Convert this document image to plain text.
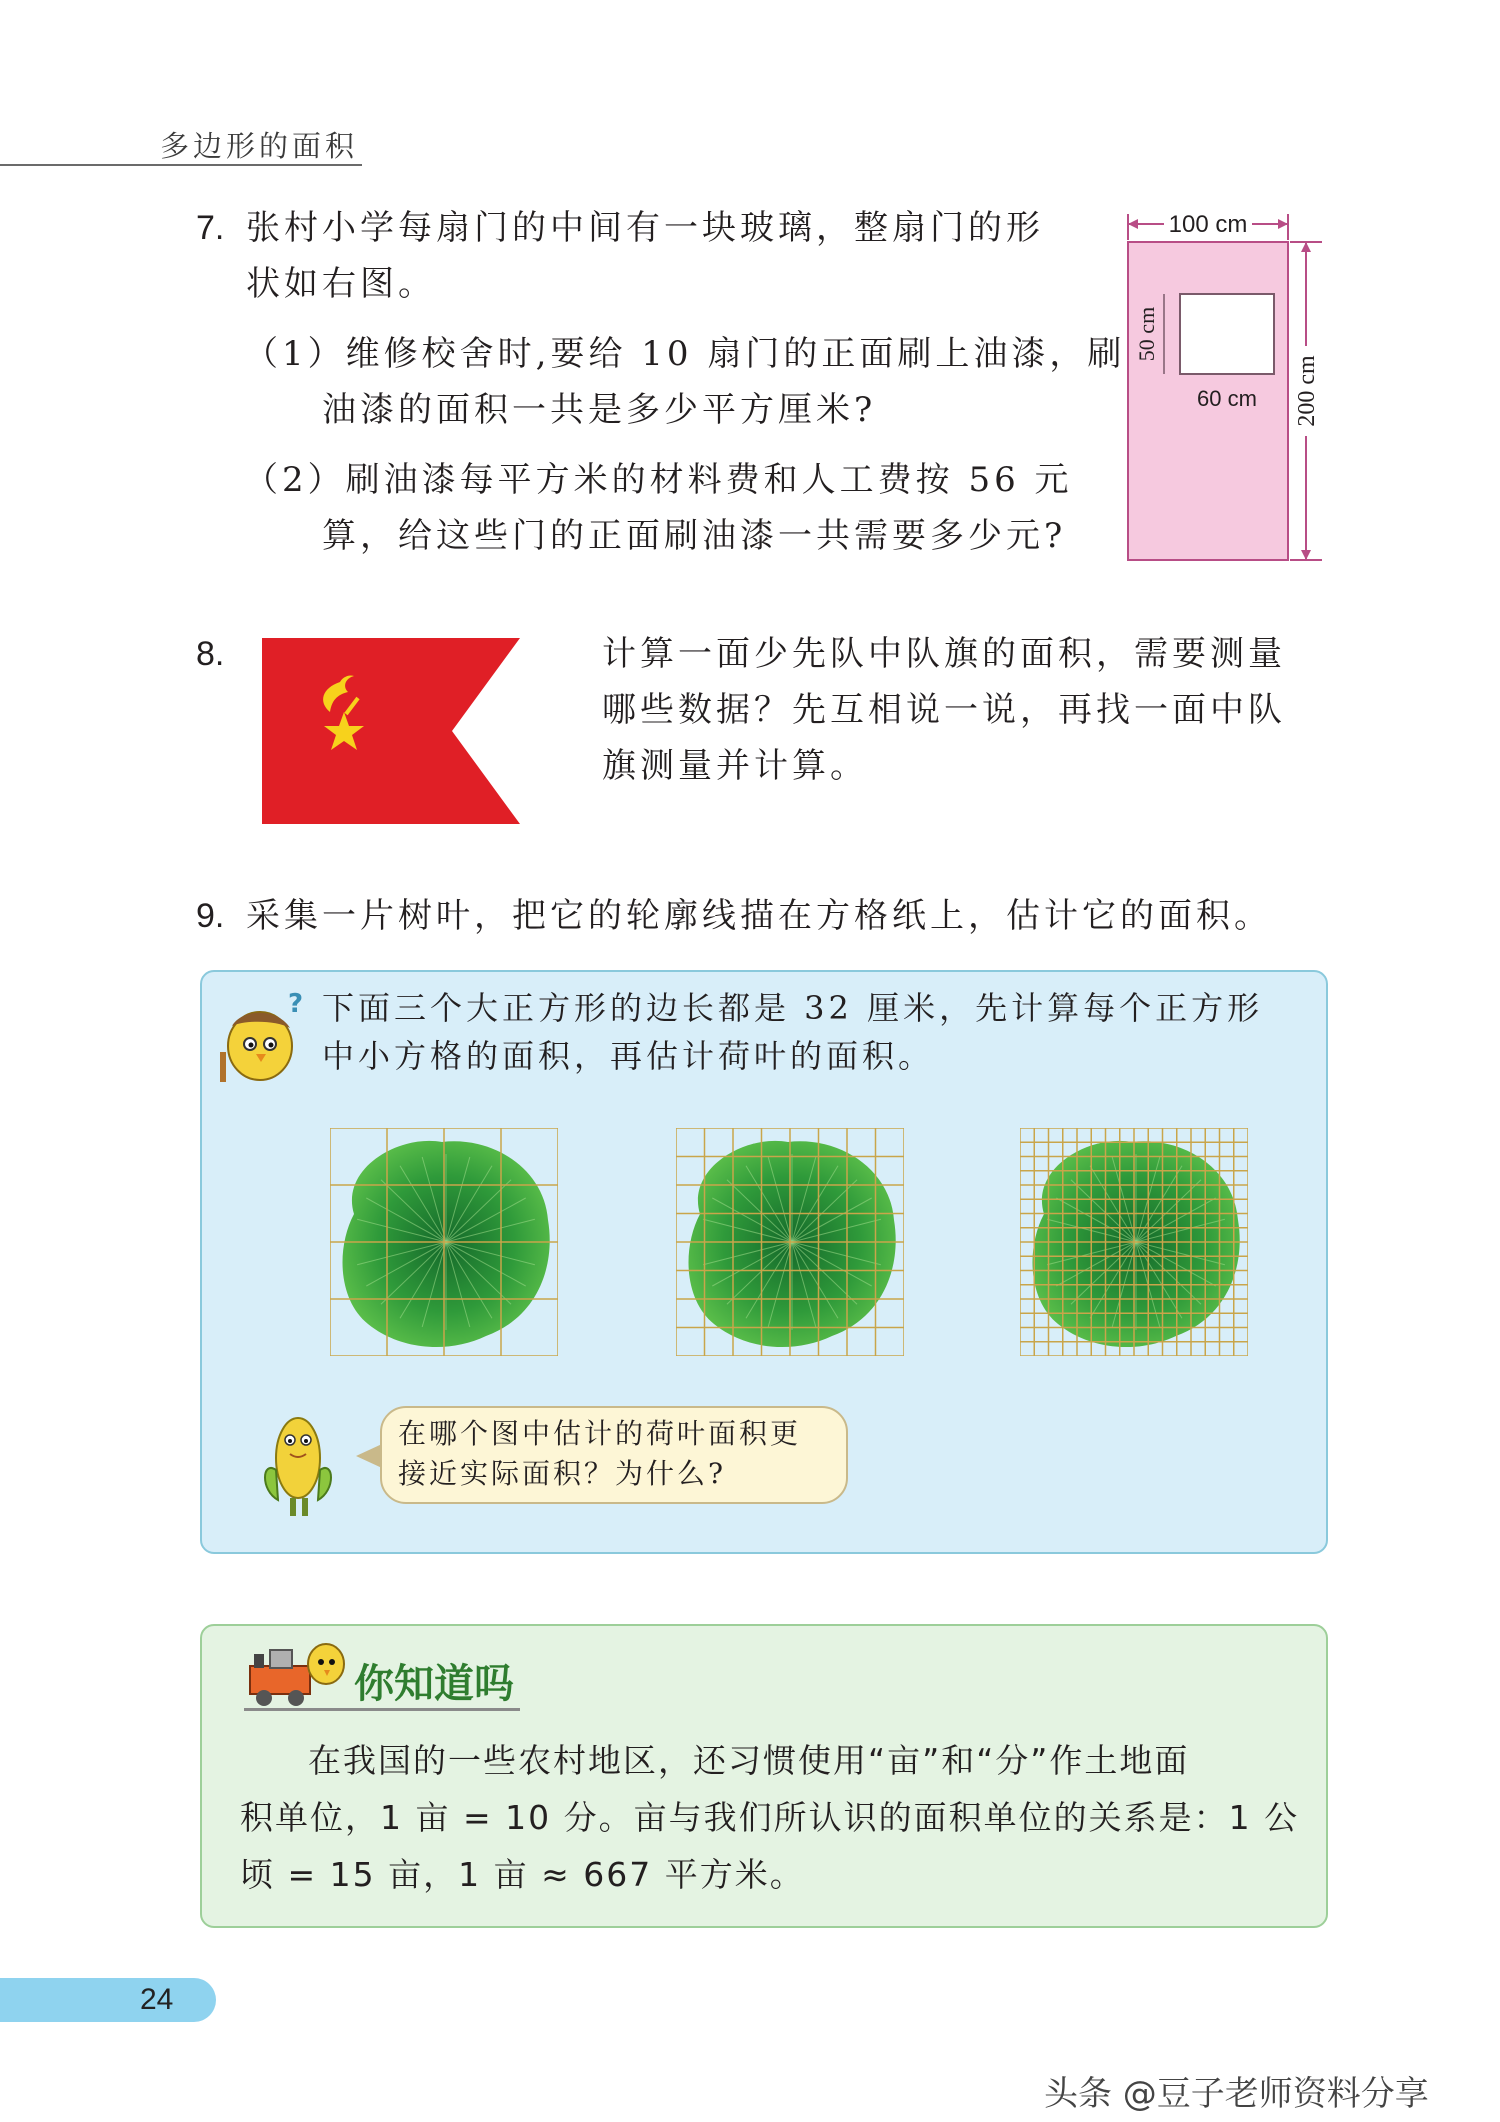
多边形的面积
7. 张村小学每扇门的中间有一块玻璃，整扇门的形
状如右图。
（1）维修校舍时,要给 10 扇门的正面刷上油漆，刷
油漆的面积一共是多少平方厘米?
（2）刷油漆每平方米的材料费和人工费按 56 元
算，给这些门的正面刷油漆一共需要多少元?
100 cm
200 cm
50 cm
60 cm
8.	计算一面少先队中队旗的面积，需要测量
哪些数据？先互相说一说，再找一面中队
旗测量并计算。
9. 采集一片树叶，把它的轮廓线描在方格纸上，估计它的面积。
? 下面三个大正方形的边长都是 32 厘米，先计算每个正方形
中小方格的面积，再估计荷叶的面积。
在哪个图中估计的荷叶面积更
接近实际面积？为什么?
你知道吗
在我国的一些农村地区，还习惯使用“亩”和“分”作土地面
积单位，1 亩 = 10 分。亩与我们所认识的面积单位的关系是：1 公
顷 = 15 亩，1 亩 ≈ 667 平方米。
24
头条 @豆子老师资料分享
